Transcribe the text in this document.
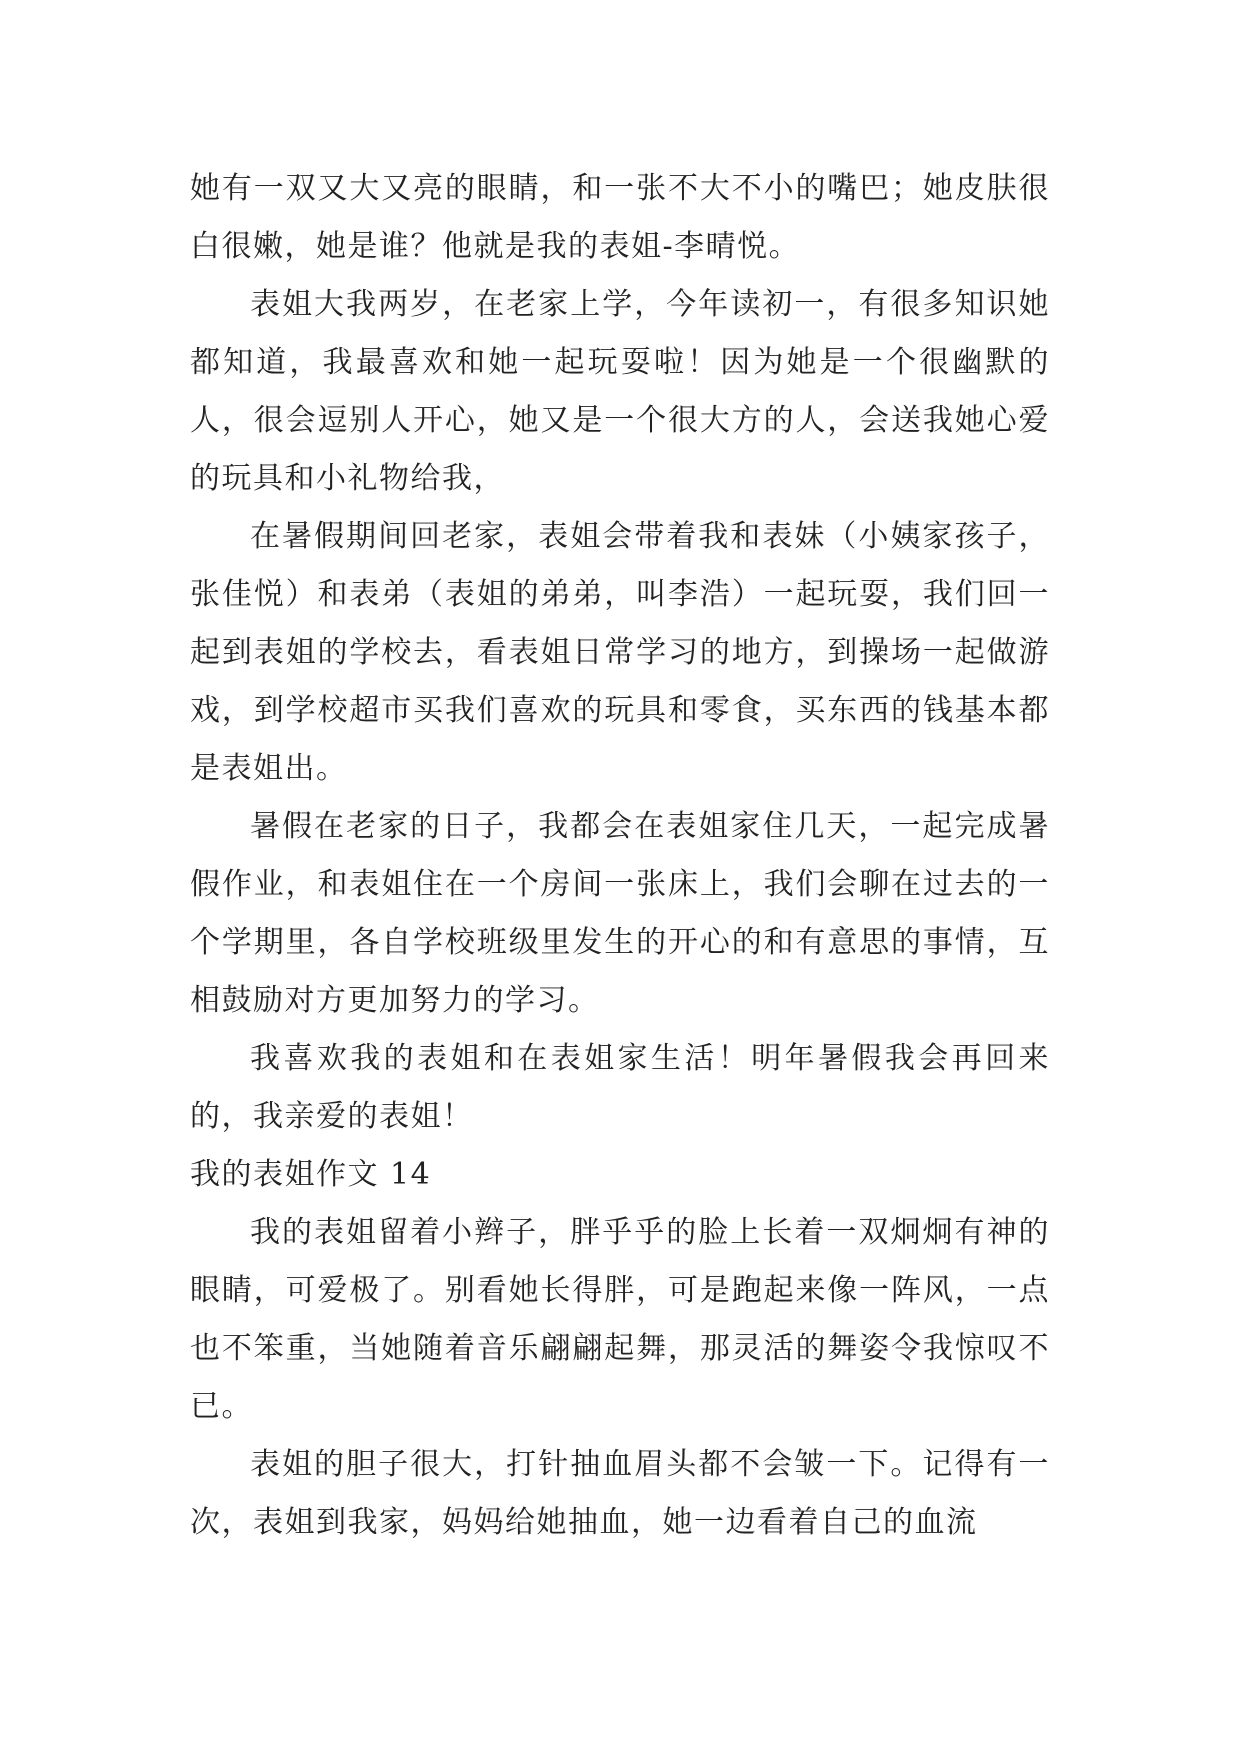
她有一双又大又亮的眼睛，和一张不大不小的嘴巴；她皮肤很白很嫩，她是谁？他就是我的表姐-李晴悦。

表姐大我两岁，在老家上学，今年读初一，有很多知识她都知道，我最喜欢和她一起玩耍啦！因为她是一个很幽默的人，很会逗别人开心，她又是一个很大方的人，会送我她心爱的玩具和小礼物给我，

在暑假期间回老家，表姐会带着我和表妹（小姨家孩子，张佳悦）和表弟（表姐的弟弟，叫李浩）一起玩耍，我们回一起到表姐的学校去，看表姐日常学习的地方，到操场一起做游戏，到学校超市买我们喜欢的玩具和零食，买东西的钱基本都是表姐出。

暑假在老家的日子，我都会在表姐家住几天，一起完成暑假作业，和表姐住在一个房间一张床上，我们会聊在过去的一个学期里，各自学校班级里发生的开心的和有意思的事情，互相鼓励对方更加努力的学习。

我喜欢我的表姐和在表姐家生活！明年暑假我会再回来的，我亲爱的表姐！

我的表姐作文 14

我的表姐留着小辫子，胖乎乎的脸上长着一双炯炯有神的眼睛，可爱极了。别看她长得胖，可是跑起来像一阵风，一点也不笨重，当她随着音乐翩翩起舞，那灵活的舞姿令我惊叹不已。

表姐的胆子很大，打针抽血眉头都不会皱一下。记得有一次，表姐到我家，妈妈给她抽血，她一边看着自己的血流
